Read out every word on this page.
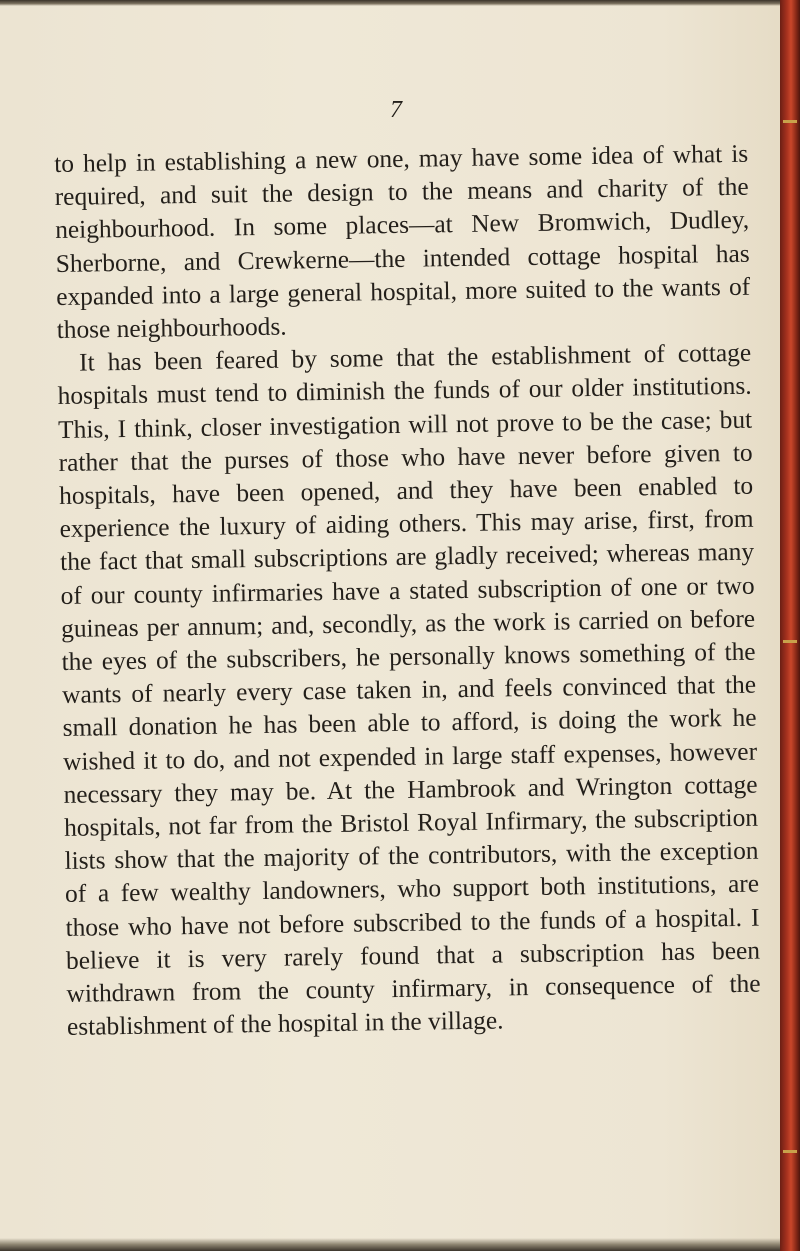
7

to help in establishing a new one, may have some idea of what is required, and suit the design to the means and charity of the neighbourhood. In some places—at New Bromwich, Dudley, Sherborne, and Crewkerne—the intended cottage hospital has expanded into a large general hospital, more suited to the wants of those neighbourhoods.

It has been feared by some that the establishment of cottage hospitals must tend to diminish the funds of our older institutions. This, I think, closer investigation will not prove to be the case; but rather that the purses of those who have never before given to hospitals, have been opened, and they have been enabled to experience the luxury of aiding others. This may arise, first, from the fact that small subscriptions are gladly received; whereas many of our county infirmaries have a stated subscription of one or two guineas per annum; and, secondly, as the work is carried on before the eyes of the subscribers, he personally knows something of the wants of nearly every case taken in, and feels convinced that the small donation he has been able to afford, is doing the work he wished it to do, and not expended in large staff expenses, however necessary they may be. At the Hambrook and Wrington cottage hospitals, not far from the Bristol Royal Infirmary, the subscription lists show that the majority of the contributors, with the exception of a few wealthy landowners, who support both institutions, are those who have not before subscribed to the funds of a hospital. I believe it is very rarely found that a subscription has been withdrawn from the county infirmary, in consequence of the establishment of the hospital in the village.
